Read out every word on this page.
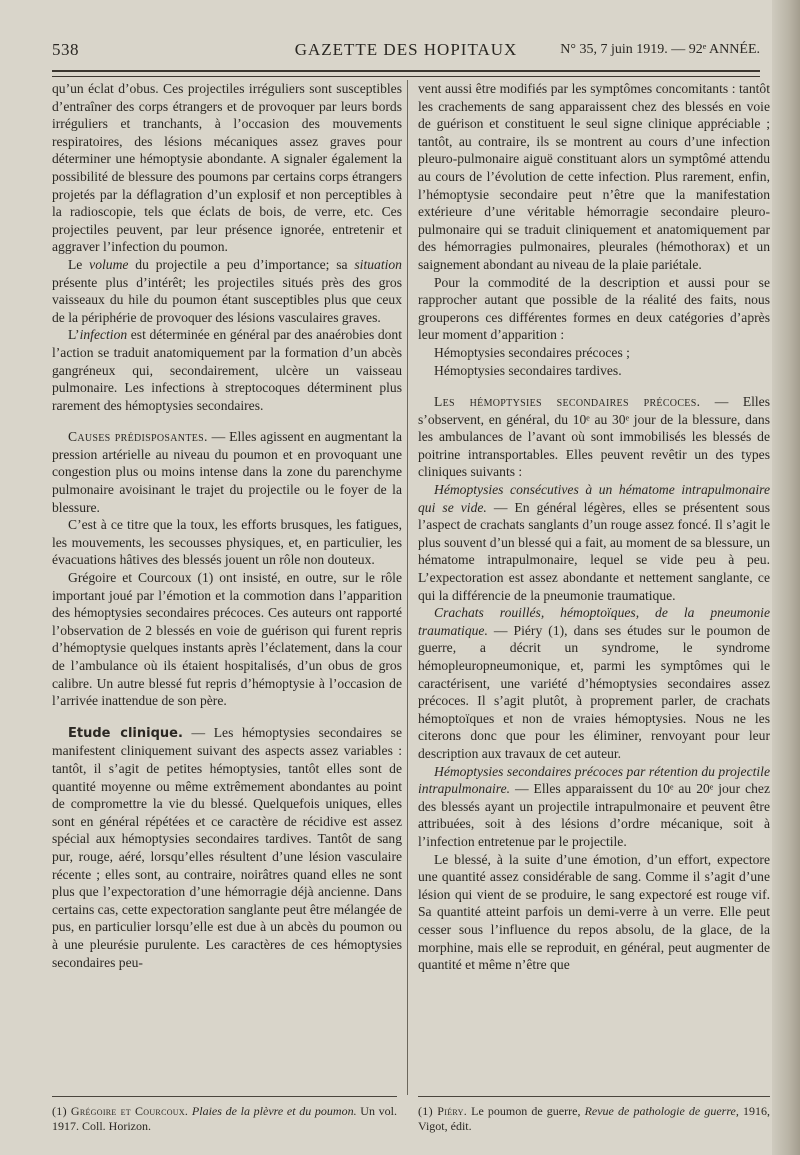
538	GAZETTE DES HOPITAUX	N° 35, 7 juin 1919. — 92ᵉ ANNÉE.

qu’un éclat d’obus. Ces projectiles irréguliers sont susceptibles d’entraîner des corps étrangers et de provoquer par leurs bords irréguliers et tranchants, à l’occasion des mouvements respiratoires, des lésions mécaniques assez graves pour déterminer une hémoptysie abondante. A signaler également la possibilité de blessure des poumons par certains corps étrangers projetés par la déflagration d’un explosif et non perceptibles à la radioscopie, tels que éclats de bois, de verre, etc. Ces projectiles peuvent, par leur présence ignorée, entretenir et aggraver l’infection du poumon.

Le volume du projectile a peu d’importance; sa situation présente plus d’intérêt; les projectiles situés près des gros vaisseaux du hile du poumon étant susceptibles plus que ceux de la périphérie de provoquer des lésions vasculaires graves.

L’infection est déterminée en général par des anaérobies dont l’action se traduit anatomiquement par la formation d’un abcès gangréneux qui, secondairement, ulcère un vaisseau pulmonaire. Les infections à streptocoques déterminent plus rarement des hémoptysies secondaires.

Causes prédisposantes. — Elles agissent en augmentant la pression artérielle au niveau du poumon et en provoquant une congestion plus ou moins intense dans la zone du parenchyme pulmonaire avoisinant le trajet du projectile ou le foyer de la blessure.

C’est à ce titre que la toux, les efforts brusques, les fatigues, les mouvements, les secousses physiques, et, en particulier, les évacuations hâtives des blessés jouent un rôle non douteux.

Grégoire et Courcoux (1) ont insisté, en outre, sur le rôle important joué par l’émotion et la commotion dans l’apparition des hémoptysies secondaires précoces. Ces auteurs ont rapporté l’observation de 2 blessés en voie de guérison qui furent repris d’hémoptysie quelques instants après l’éclatement, dans la cour de l’ambulance où ils étaient hospitalisés, d’un obus de gros calibre. Un autre blessé fut repris d’hémoptysie à l’occasion de l’arrivée inattendue de son père.

Etude clinique. — Les hémoptysies secondaires se manifestent cliniquement suivant des aspects assez variables : tantôt, il s’agit de petites hémoptysies, tantôt elles sont de quantité moyenne ou même extrêmement abondantes au point de compromettre la vie du blessé. Quelquefois uniques, elles sont en général répétées et ce caractère de récidive est assez spécial aux hémoptysies secondaires tardives. Tantôt de sang pur, rouge, aéré, lorsqu’elles résultent d’une lésion vasculaire récente ; elles sont, au contraire, noirâtres quand elles ne sont plus que l’expectoration d’une hémorragie déjà ancienne. Dans certains cas, cette expectoration sanglante peut être mélangée de pus, en particulier lorsqu’elle est due à un abcès du poumon ou à une pleurésie purulente. Les caractères de ces hémoptysies secondaires peu-

vent aussi être modifiés par les symptômes concomitants : tantôt les crachements de sang apparaissent chez des blessés en voie de guérison et constituent le seul signe clinique appréciable ; tantôt, au contraire, ils se montrent au cours d’une infection pleuro-pulmonaire aiguë constituant alors un symptômé attendu au cours de l’évolution de cette infection. Plus rarement, enfin, l’hémoptysie secondaire peut n’être que la manifestation extérieure d’une véritable hémorragie secondaire pleuro-pulmonaire qui se traduit cliniquement et anatomiquement par des hémorragies pulmonaires, pleurales (hémothorax) et un saignement abondant au niveau de la plaie pariétale.

Pour la commodité de la description et aussi pour se rapprocher autant que possible de la réalité des faits, nous grouperons ces différentes formes en deux catégories d’après leur moment d’apparition :

Hémoptysies secondaires précoces ;

Hémoptysies secondaires tardives.

Les hémoptysies secondaires précoces. — Elles s’observent, en général, du 10ᵉ au 30ᵉ jour de la blessure, dans les ambulances de l’avant où sont immobilisés les blessés de poitrine intransportables. Elles peuvent revêtir un des types cliniques suivants :

Hémoptysies consécutives à un hématome intrapulmonaire qui se vide. — En général légères, elles se présentent sous l’aspect de crachats sanglants d’un rouge assez foncé. Il s’agit le plus souvent d’un blessé qui a fait, au moment de sa blessure, un hématome intrapulmonaire, lequel se vide peu à peu. L’expectoration est assez abondante et nettement sanglante, ce qui la différencie de la pneumonie traumatique.

Crachats rouillés, hémoptoïques, de la pneumonie traumatique. — Piéry (1), dans ses études sur le poumon de guerre, a décrit un syndrome, le syndrome hémopleuropneumonique, et, parmi les symptômes qui le caractérisent, une variété d’hémoptysies secondaires assez précoces. Il s’agit plutôt, à proprement parler, de crachats hémoptoïques et non de vraies hémoptysies. Nous ne les citerons donc que pour les éliminer, renvoyant pour leur description aux travaux de cet auteur.

Hémoptysies secondaires précoces par rétention du projectile intrapulmonaire. — Elles apparaissent du 10ᵉ au 20ᵉ jour chez des blessés ayant un projectile intrapulmonaire et peuvent être attribuées, soit à des lésions d’ordre mécanique, soit à l’infection entretenue par le projectile.

Le blessé, à la suite d’une émotion, d’un effort, expectore une quantité assez considérable de sang. Comme il s’agit d’une lésion qui vient de se produire, le sang expectoré est rouge vif. Sa quantité atteint parfois un demi-verre à un verre. Elle peut cesser sous l’influence du repos absolu, de la glace, de la morphine, mais elle se reproduit, en général, peut augmenter de quantité et même n’être que

(1) Grégoire et Courcoux. Plaies de la plèvre et du poumon. Un vol. 1917. Coll. Horizon.
(1) Piéry. Le poumon de guerre, Revue de pathologie de guerre, 1916, Vigot, édit.
